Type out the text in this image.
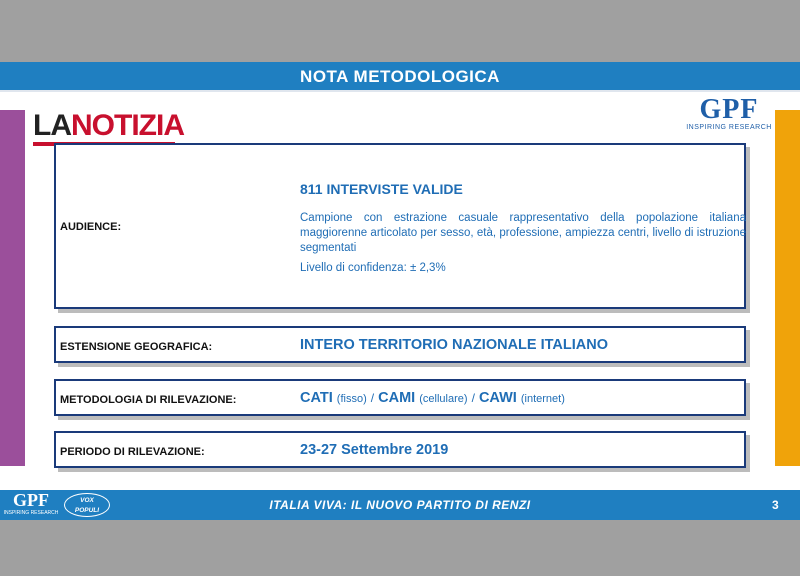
NOTA METODOLOGICA
LANOTIZIA	GPF
INSPIRING RESEARCH
AUDIENCE:
811 INTERVISTE VALIDE
Campione con estrazione casuale rappresentativo della popolazione italiana maggiorenne articolato per sesso, età, professione, ampiezza centri, livello di istruzione segmentati
Livello di confidenza: ± 2,3%
ESTENSIONE GEOGRAFICA:	INTERO TERRITORIO NAZIONALE ITALIANO
METODOLOGIA DI RILEVAZIONE:	CATI (fisso) / CAMI (cellulare) / CAWI (internet)
PERIODO DI RILEVAZIONE:	23-27 Settembre 2019
GPF
INSPIRING RESEARCH
VOX
POPULI	ITALIA VIVA: IL NUOVO PARTITO DI RENZI	3
